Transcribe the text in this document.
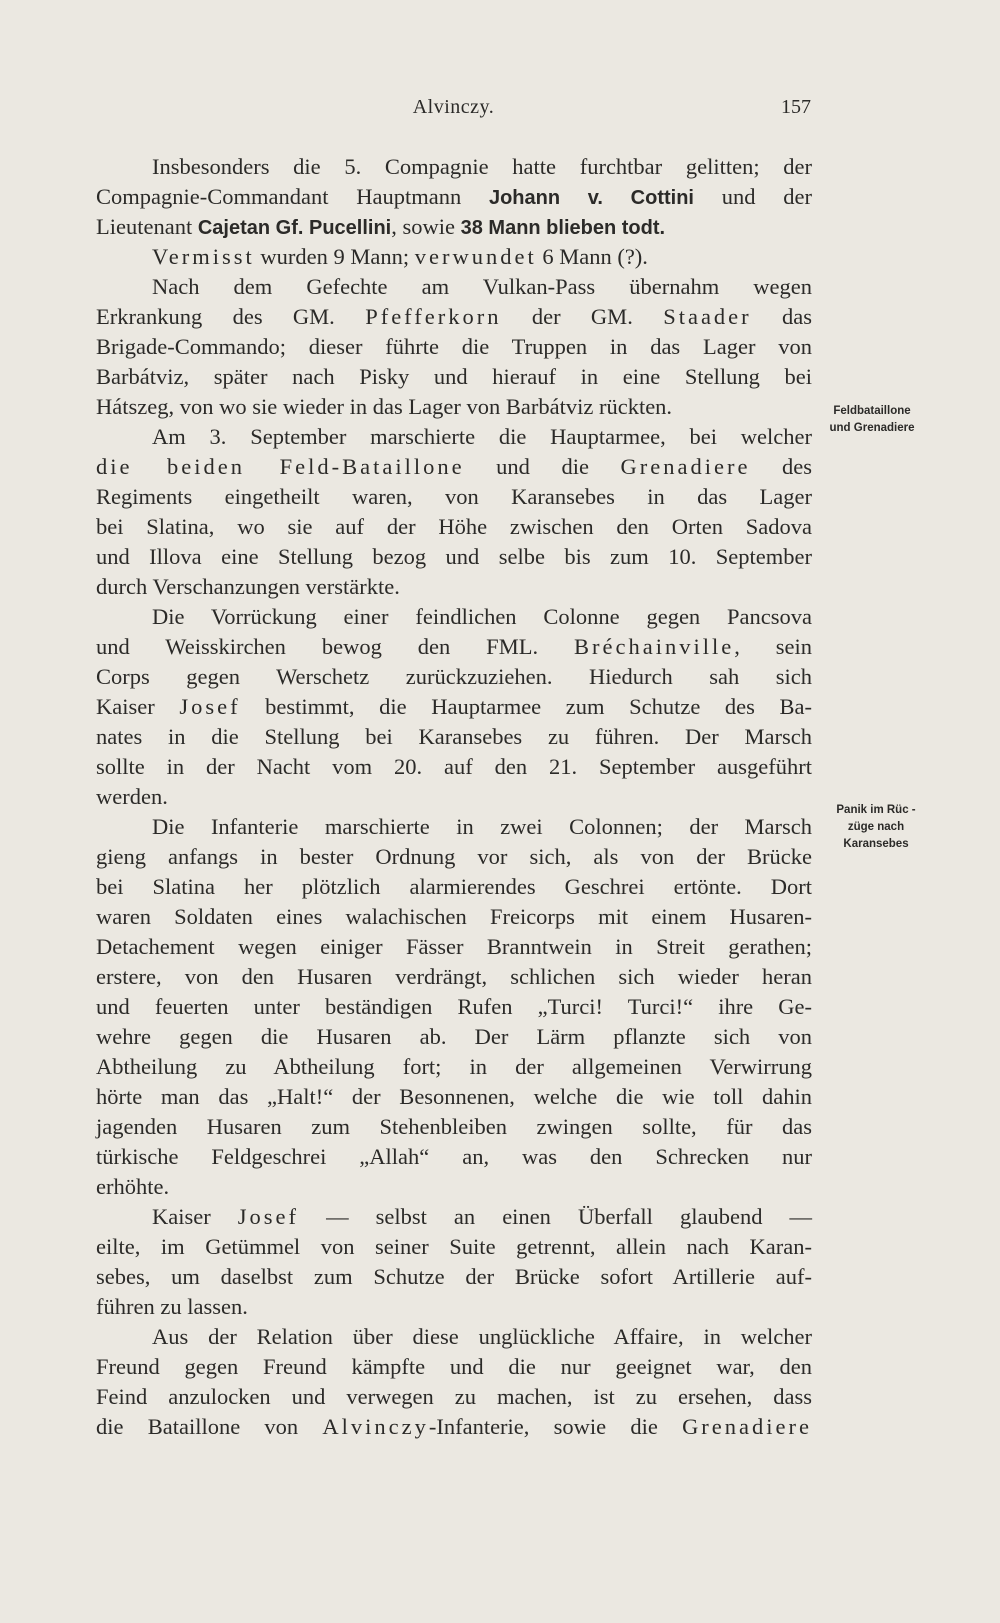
Alvinczy.	157
Insbesonders die 5. Compagnie hatte furchtbar gelitten; der
Compagnie-Commandant Hauptmann Johann v. Cottini und der
Lieutenant Cajetan Gf. Pucellini, sowie 38 Mann blieben todt.
Vermisst wurden 9 Mann; verwundet 6 Mann (?).
Nach dem Gefechte am Vulkan-Pass übernahm wegen
Erkrankung des GM. Pfefferkorn der GM. Staader das
Brigade-Commando; dieser führte die Truppen in das Lager von
Barbátviz, später nach Pisky und hierauf in eine Stellung bei
Hátszeg, von wo sie wieder in das Lager von Barbátviz rückten.
Am 3. September marschierte die Hauptarmee, bei welcher
die beiden Feld-Bataillone und die Grenadiere des
Regiments eingetheilt waren, von Karansebes in das Lager
bei Slatina, wo sie auf der Höhe zwischen den Orten Sadova
und Illova eine Stellung bezog und selbe bis zum 10. September
durch Verschanzungen verstärkte.
Die Vorrückung einer feindlichen Colonne gegen Pancsova
und Weisskirchen bewog den FML. Bréchainville, sein
Corps gegen Werschetz zurückzuziehen. Hiedurch sah sich
Kaiser Josef bestimmt, die Hauptarmee zum Schutze des Ba-
nates in die Stellung bei Karansebes zu führen. Der Marsch
sollte in der Nacht vom 20. auf den 21. September ausgeführt
werden.
Die Infanterie marschierte in zwei Colonnen; der Marsch
gieng anfangs in bester Ordnung vor sich, als von der Brücke
bei Slatina her plötzlich alarmierendes Geschrei ertönte. Dort
waren Soldaten eines walachischen Freicorps mit einem Husaren-
Detachement wegen einiger Fässer Branntwein in Streit gerathen;
erstere, von den Husaren verdrängt, schlichen sich wieder heran
und feuerten unter beständigen Rufen „Turci! Turci!“ ihre Ge-
wehre gegen die Husaren ab. Der Lärm pflanzte sich von
Abtheilung zu Abtheilung fort; in der allgemeinen Verwirrung
hörte man das „Halt!“ der Besonnenen, welche die wie toll dahin
jagenden Husaren zum Stehenbleiben zwingen sollte, für das
türkische Feldgeschrei „Allah“ an, was den Schrecken nur
erhöhte.
Kaiser Josef — selbst an einen Überfall glaubend —
eilte, im Getümmel von seiner Suite getrennt, allein nach Karan-
sebes, um daselbst zum Schutze der Brücke sofort Artillerie auf-
führen zu lassen.
Aus der Relation über diese unglückliche Affaire, in welcher
Freund gegen Freund kämpfte und die nur geeignet war, den
Feind anzulocken und verwegen zu machen, ist zu ersehen, dass
die Bataillone von Alvinczy-Infanterie, sowie die Grenadiere
Feldbataillone
und Grenadiere
Panik im Rüc -
züge nach
Karansebes
